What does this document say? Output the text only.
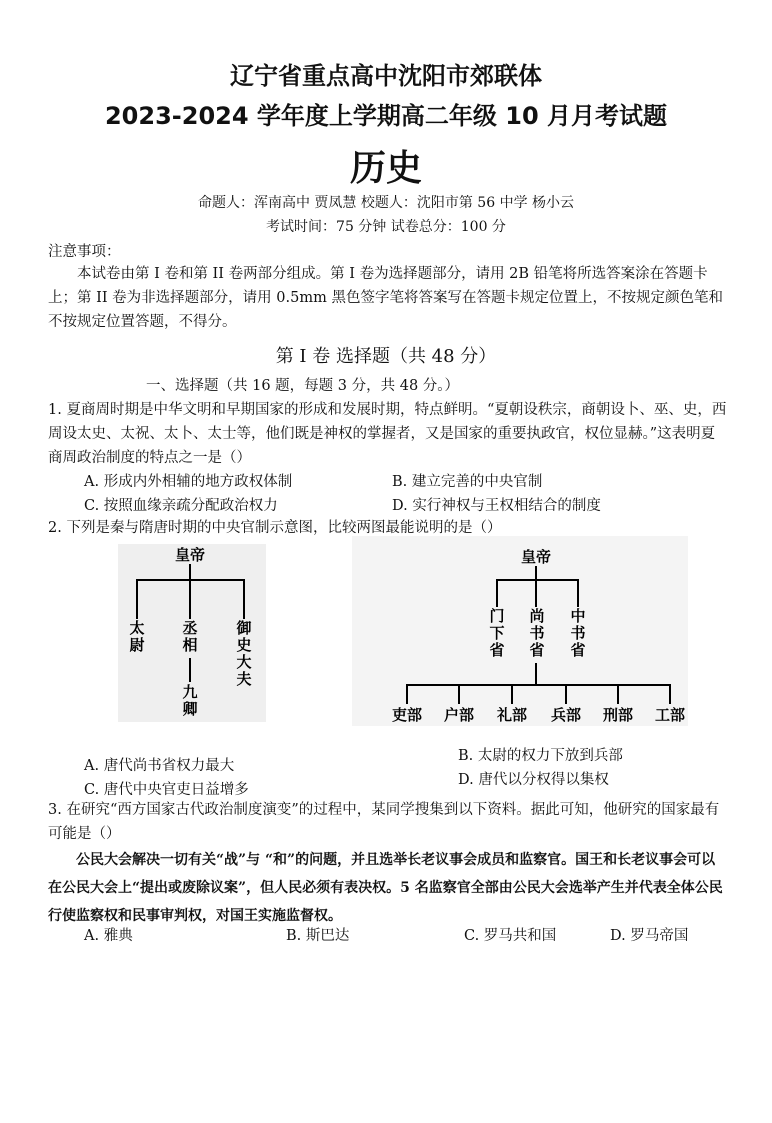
辽宁省重点高中沈阳市郊联体
2023-2024 学年度上学期高二年级 10 月月考试题
历史
命题人：浑南高中 贾凤慧 校题人：沈阳市第 56 中学 杨小云
考试时间：75 分钟 试卷总分：100 分
注意事项：
本试卷由第 I 卷和第 II 卷两部分组成。第 I 卷为选择题部分，请用 2B 铅笔将所选答案涂在答题卡上；第 II 卷为非选择题部分，请用 0.5mm 黑色签字笔将答案写在答题卡规定位置上，不按规定颜色笔和不按规定位置答题，不得分。
第 I 卷 选择题（共 48 分）
一、选择题（共 16 题，每题 3 分，共 48 分。）
1. 夏商周时期是中华文明和早期国家的形成和发展时期，特点鲜明。“夏朝设秩宗，商朝设卜、巫、史，西周设太史、太祝、太卜、太士等，他们既是神权的掌握者，又是国家的重要执政官，权位显赫。”这表明夏商周政治制度的特点之一是（）
A. 形成内外相辅的地方政权体制	B. 建立完善的中央官制
C. 按照血缘亲疏分配政治权力	D. 实行神权与王权相结合的制度
2. 下列是秦与隋唐时期的中央官制示意图，比较两图最能说明的是（）
皇帝
太尉
丞相
九卿
御史大夫
皇帝
门下省
尚书省
中书省
吏部	户部	礼部	兵部	刑部	工部
A. 唐代尚书省权力最大
B. 太尉的权力下放到兵部
C. 唐代中央官吏日益增多
D. 唐代以分权得以集权
3. 在研究“西方国家古代政治制度演变”的过程中，某同学搜集到以下资料。据此可知，他研究的国家最有可能是（）
公民大会解决一切有关“战”与 “和”的问题，并且选举长老议事会成员和监察官。国王和长老议事会可以在公民大会上“提出或废除议案”，但人民必须有表决权。5 名监察官全部由公民大会选举产生并代表全体公民行使监察权和民事审判权，对国王实施监督权。
A. 雅典	B. 斯巴达	C. 罗马共和国	D. 罗马帝国
